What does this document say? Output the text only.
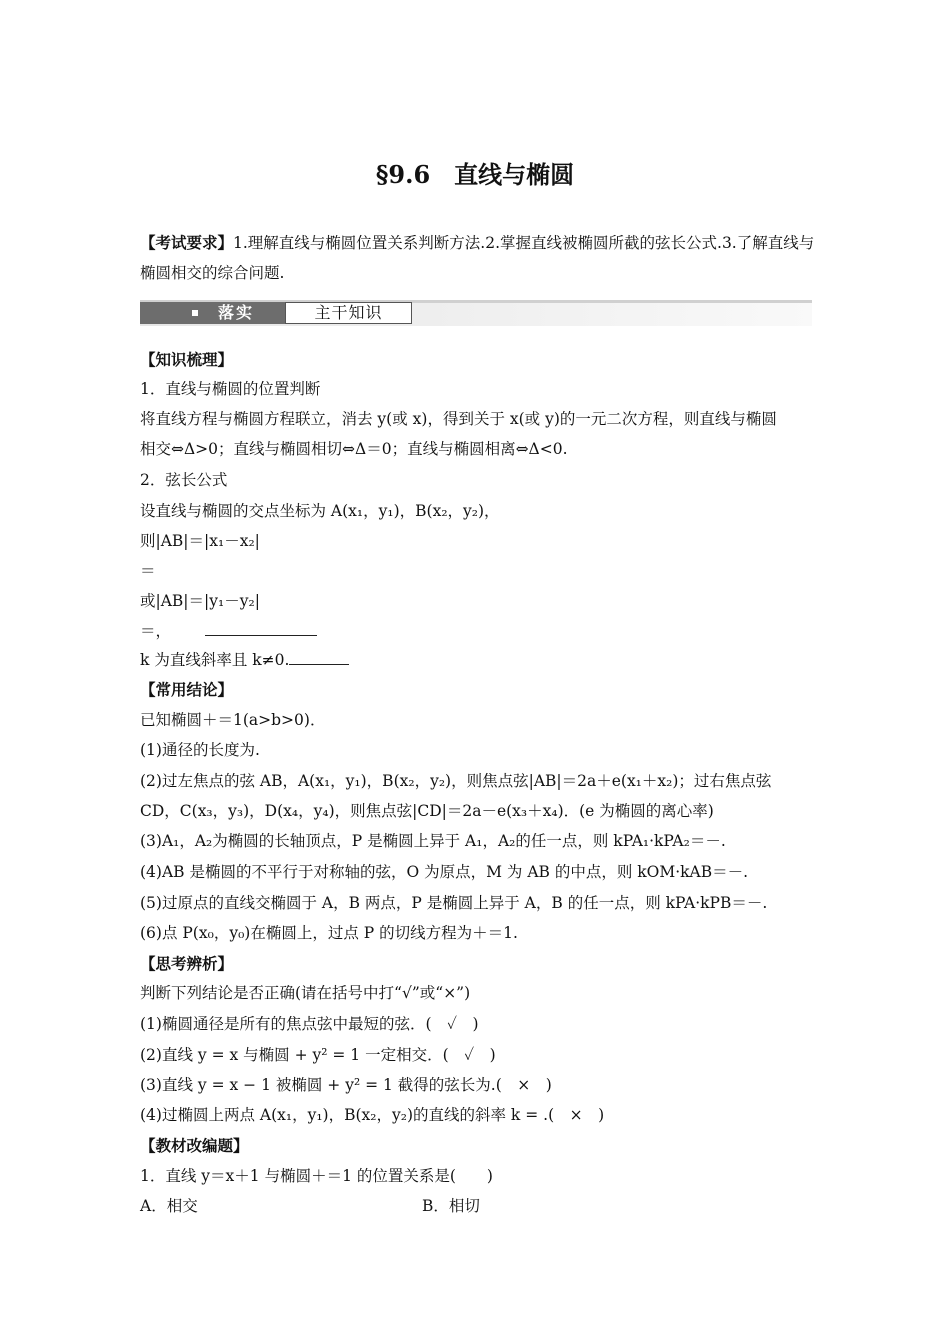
§9.6　直线与椭圆
【考试要求】1.理解直线与椭圆位置关系判断方法.2.掌握直线被椭圆所截的弦长公式.3.了解直线与椭圆相交的综合问题.
落实	主干知识
【知识梳理】
1．直线与椭圆的位置判断
将直线方程与椭圆方程联立，消去 y(或 x)，得到关于 x(或 y)的一元二次方程，则直线与椭圆
相交⇔Δ>0；直线与椭圆相切⇔Δ＝0；直线与椭圆相离⇔Δ<0.
2．弦长公式
设直线与椭圆的交点坐标为 A(x₁，y₁)，B(x₂，y₂)，
则|AB|＝|x₁－x₂|
＝
或|AB|＝|y₁－y₂|
＝，
k 为直线斜率且 k≠0.
【常用结论】
已知椭圆＋＝1(a>b>0)．
(1)通径的长度为.
(2)过左焦点的弦 AB，A(x₁，y₁)，B(x₂，y₂)，则焦点弦|AB|＝2a＋e(x₁＋x₂)；过右焦点弦
CD，C(x₃，y₃)，D(x₄，y₄)，则焦点弦|CD|＝2a－e(x₃＋x₄)．(e 为椭圆的离心率)
(3)A₁，A₂为椭圆的长轴顶点，P 是椭圆上异于 A₁，A₂的任一点，则 kPA₁·kPA₂＝－.
(4)AB 是椭圆的不平行于对称轴的弦，O 为原点，M 为 AB 的中点，则 kOM·kAB＝－.
(5)过原点的直线交椭圆于 A，B 两点，P 是椭圆上异于 A，B 的任一点，则 kPA·kPB＝－.
(6)点 P(x₀，y₀)在椭圆上，过点 P 的切线方程为＋＝1.
【思考辨析】
判断下列结论是否正确(请在括号中打“√”或“×”)
(1)椭圆通径是所有的焦点弦中最短的弦．(　✓　)
(2)直线 y = x 与椭圆 + y² = 1 一定相交．(　✓　)
(3)直线 y = x − 1 被椭圆 + y² = 1 截得的弦长为.(　×　)
(4)过椭圆上两点 A(x₁，y₁)，B(x₂，y₂)的直线的斜率 k = .(　×　)
【教材改编题】
1．直线 y＝x＋1 与椭圆＋＝1 的位置关系是(　　)
A．相交	B．相切
